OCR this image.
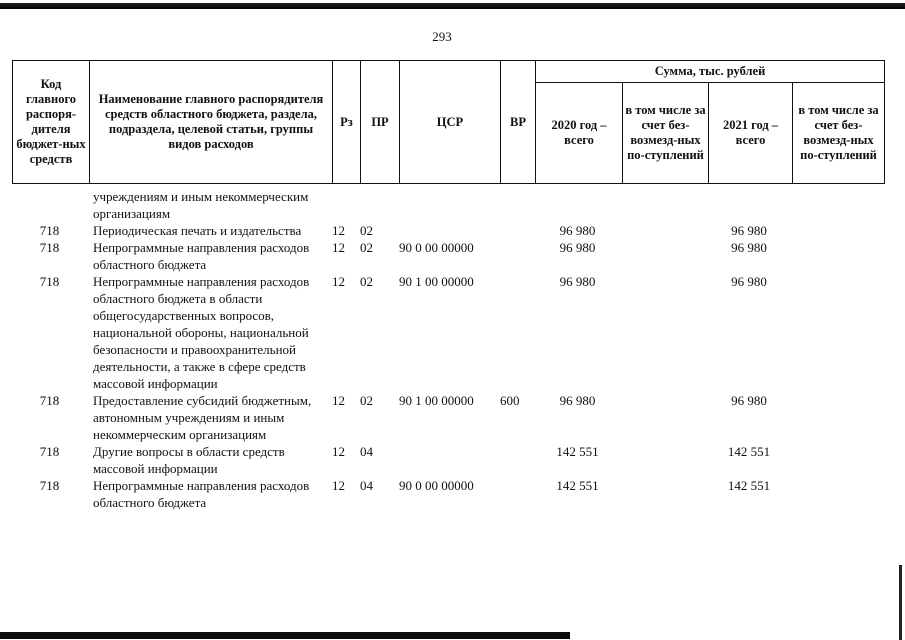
293
Код главного распоря-дителя бюджет-ных средств	Наименование главного распорядителя средств областного бюджета, раздела, подраздела, целевой статьи, группы видов расходов	Рз	ПР	ЦСР	ВР	Сумма, тыс. рублей			
						2020 год – всего	в том числе за счет без-возмезд-ных по-ступлений	2021 год – всего	в том числе за счет без-возмезд-ных по-ступлений
	учреждениям и иным некоммерческим организациям								
718	Периодическая печать и издательства	12	02			96 980		96 980	
718	Непрограммные направления расходов областного бюджета	12	02	90 0 00 00000		96 980		96 980	
718	Непрограммные направления расходов областного бюджета в области общегосударственных вопросов, национальной обороны, национальной безопасности и правоохранительной деятельности, а также в сфере средств массовой информации	12	02	90 1 00 00000		96 980		96 980	
718	Предоставление субсидий бюджетным, автономным учреждениям и иным некоммерческим организациям	12	02	90 1 00 00000	600	96 980		96 980	
718	Другие вопросы в области средств массовой информации	12	04			142 551		142 551	
718	Непрограммные направления расходов областного бюджета	12	04	90 0 00 00000		142 551		142 551	
